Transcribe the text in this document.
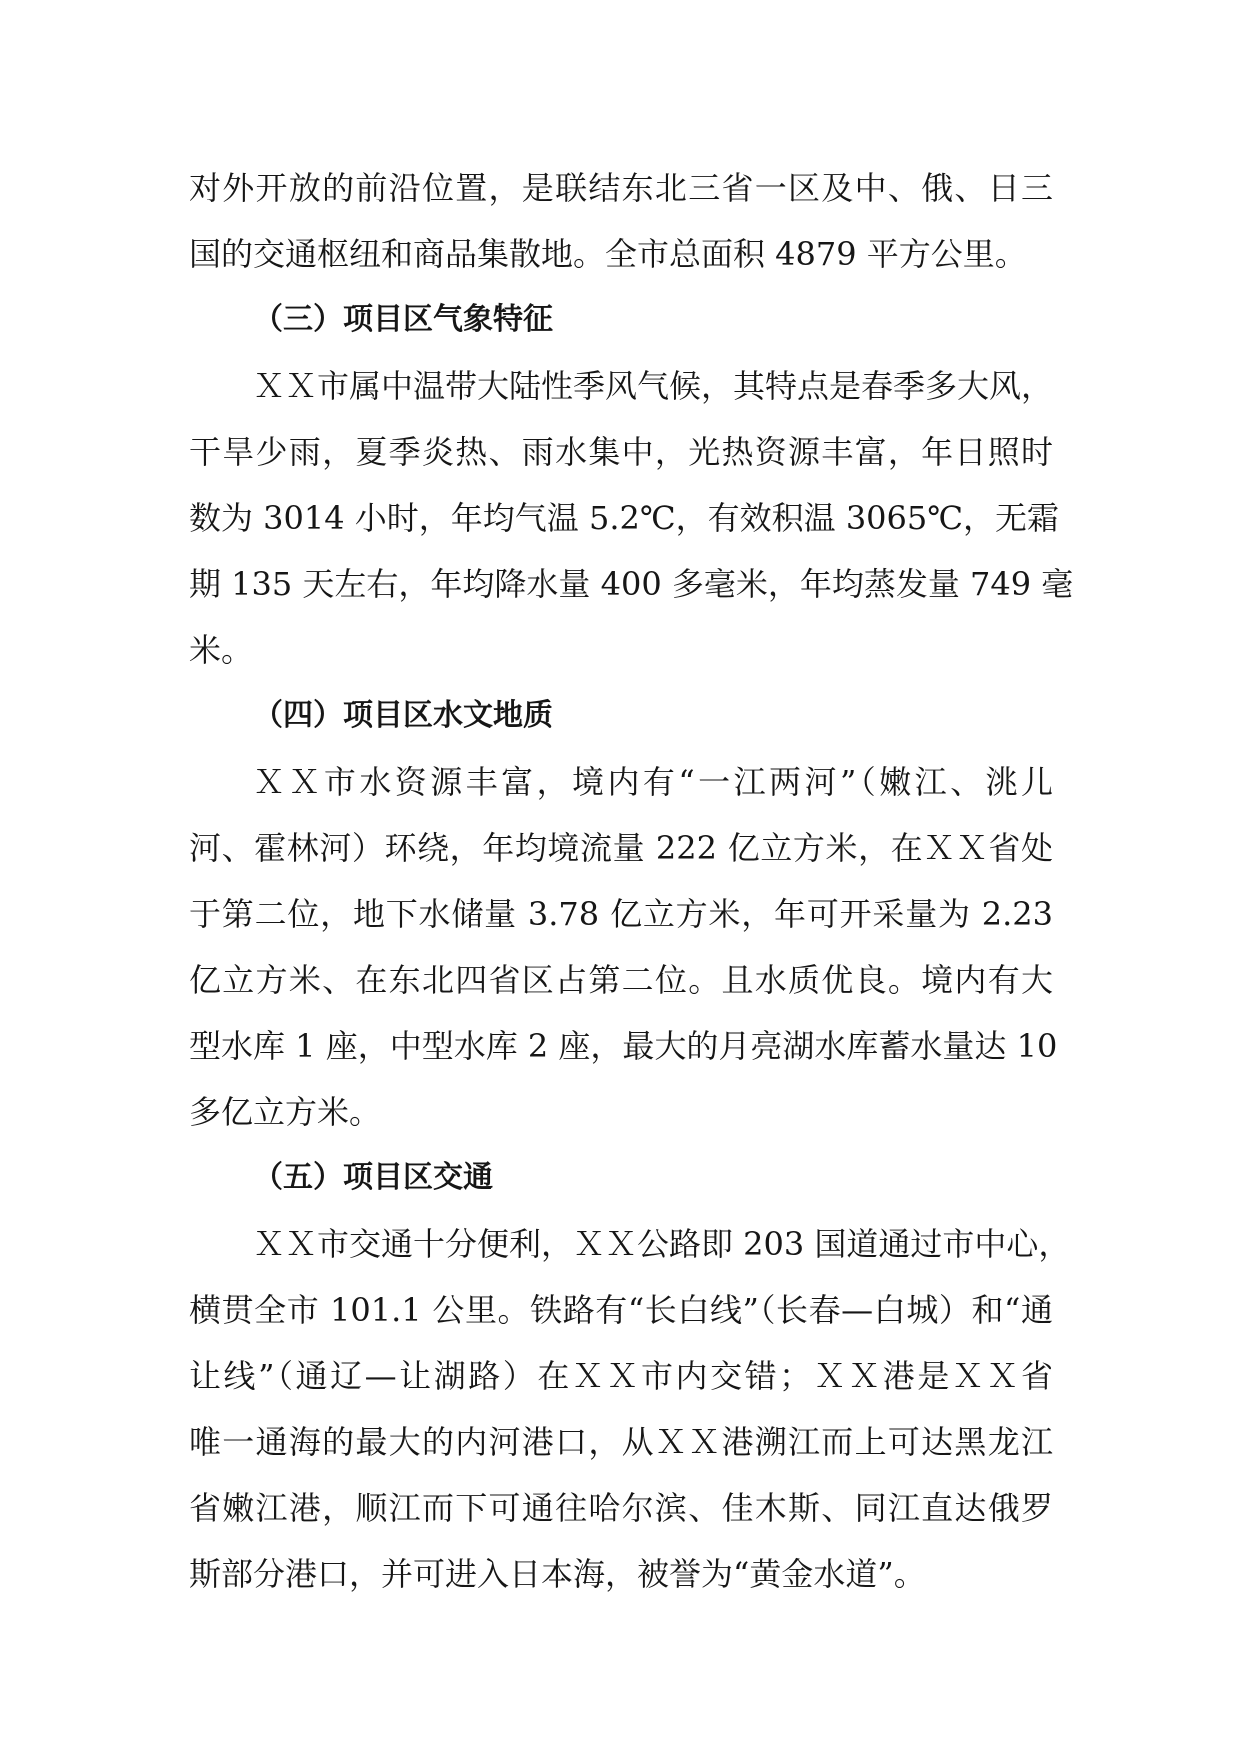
对外开放的前沿位置，是联结东北三省一区及中、俄、日三
国的交通枢纽和商品集散地。全市总面积 4879 平方公里。
（三）项目区气象特征
ＸＸ市属中温带大陆性季风气候，其特点是春季多大风，
干旱少雨，夏季炎热、雨水集中，光热资源丰富，年日照时
数为 3014 小时，年均气温 5.2℃，有效积温 3065℃，无霜
期 135 天左右，年均降水量 400 多毫米，年均蒸发量 749 毫
米。
（四）项目区水文地质
ＸＸ市水资源丰富，境内有“一江两河”（嫩江、洮儿
河、霍林河）环绕，年均境流量 222 亿立方米，在ＸＸ省处
于第二位，地下水储量 3.78 亿立方米，年可开采量为 2.23
亿立方米、在东北四省区占第二位。且水质优良。境内有大
型水库 1 座，中型水库 2 座，最大的月亮湖水库蓄水量达 10
多亿立方米。
（五）项目区交通
ＸＸ市交通十分便利，ＸＸ公路即 203 国道通过市中心，
横贯全市 101.1 公里。铁路有“长白线”（长春—白城）和“通
让线”（通辽—让湖路）在ＸＸ市内交错；ＸＸ港是ＸＸ省
唯一通海的最大的内河港口，从ＸＸ港溯江而上可达黑龙江
省嫩江港，顺江而下可通往哈尔滨、佳木斯、同江直达俄罗
斯部分港口，并可进入日本海，被誉为“黄金水道”。
